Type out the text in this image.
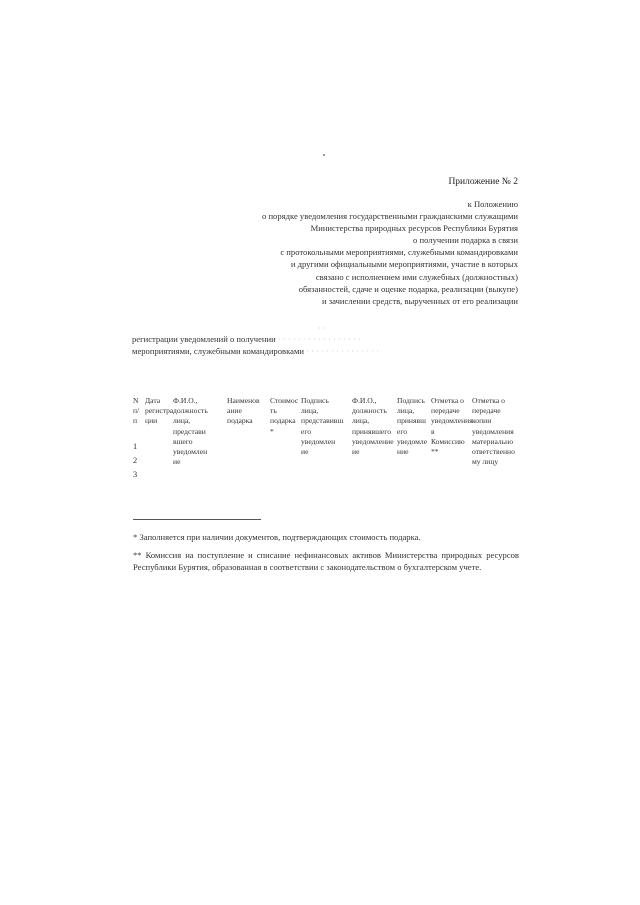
Приложение № 2
к Положению
о порядке уведомления государственными гражданскими служащими
Министерства природных ресурсов Республики Бурятия
о получении подарка в связи
с протокольными мероприятиями, служебными командировками
и другими официальными мероприятиями, участие в которых
связано с исполнением ими служебных (должностных)
обязанностей, сдаче и оценке подарка, реализации (выкупе)
и зачислении средств, вырученных от его реализации
· ·
регистрации уведомлений о получении · · · · · · · · · · · · · · · · ·
мероприятиями, служебными командировками · · · · · · · · · · · · · · ·
N
п/
п
Дата
регистра
ции
Ф.И.О.,
должность
лица,
представи
вшего
уведомлен
ие
Наименов
ание
подарка
Стоимос
ть
подарка
*
Подпись
лица,
представивш
его
уведомлен
ие
Ф.И.О.,
должность
лица,
принявшего
уведомление
ие
Подпись
лица,
принявш
его
уведомле
ние
Отметка о
передаче
уведомления
в
Комиссию
**
Отметка о
передаче
копии
уведомления
материально
ответственно
му лицу
1
2
3
* Заполняется при наличии документов, подтверждающих стоимость подарка.
** Комиссия на поступление и списание нефинансовых активов Министерства природных ресурсов Республики Бурятия, образованная в соответствии с законодательством о бухгалтерском учете.
